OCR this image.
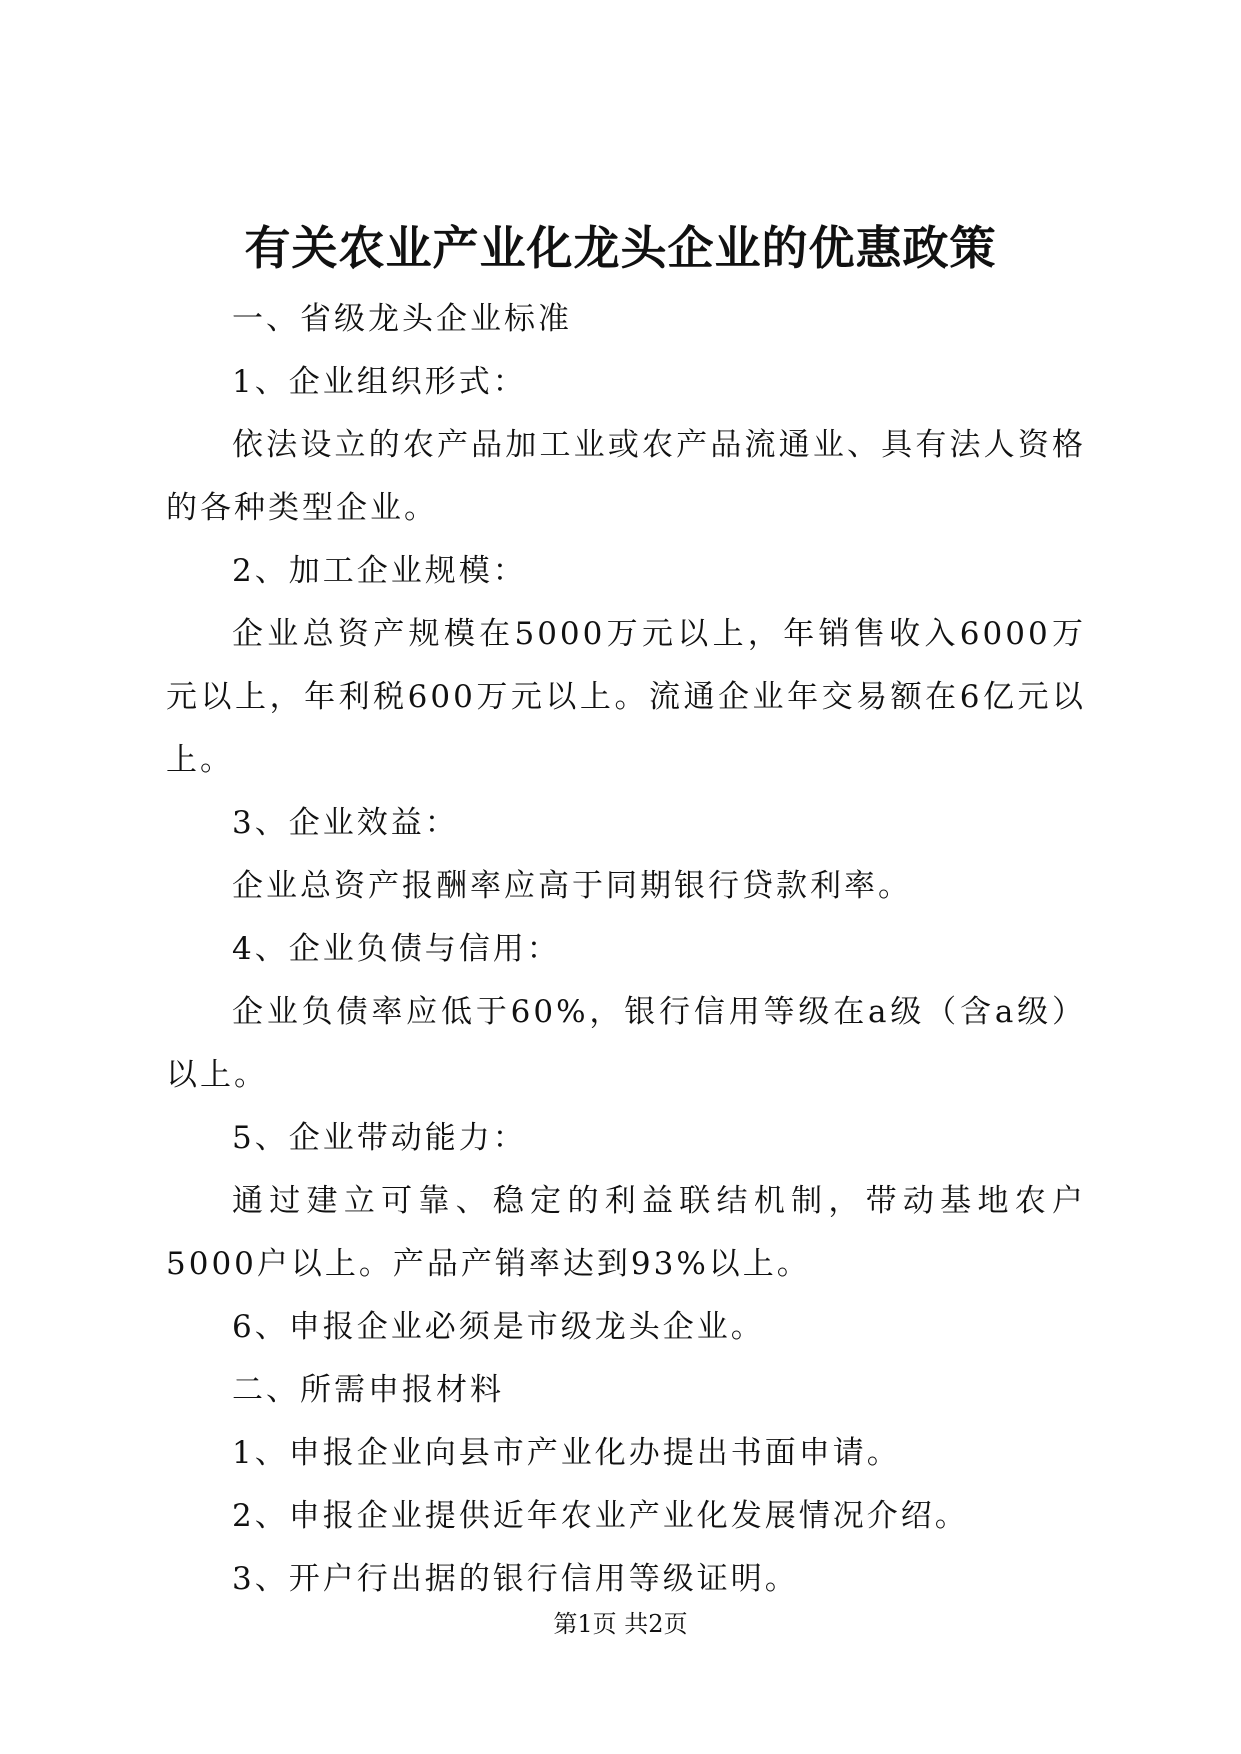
有关农业产业化龙头企业的优惠政策

一、省级龙头企业标准

1、企业组织形式：

依法设立的农产品加工业或农产品流通业、具有法人资格的各种类型企业。

2、加工企业规模：

企业总资产规模在5000万元以上，年销售收入6000万元以上，年利税600万元以上。流通企业年交易额在6亿元以上。

3、企业效益：

企业总资产报酬率应高于同期银行贷款利率。

4、企业负债与信用：

企业负债率应低于60%，银行信用等级在a级（含a级）以上。

5、企业带动能力：

通过建立可靠、稳定的利益联结机制，带动基地农户5000户以上。产品产销率达到93%以上。

6、申报企业必须是市级龙头企业。

二、所需申报材料

1、申报企业向县市产业化办提出书面申请。

2、申报企业提供近年农业产业化发展情况介绍。

3、开户行出据的银行信用等级证明。

第1页 共2页
